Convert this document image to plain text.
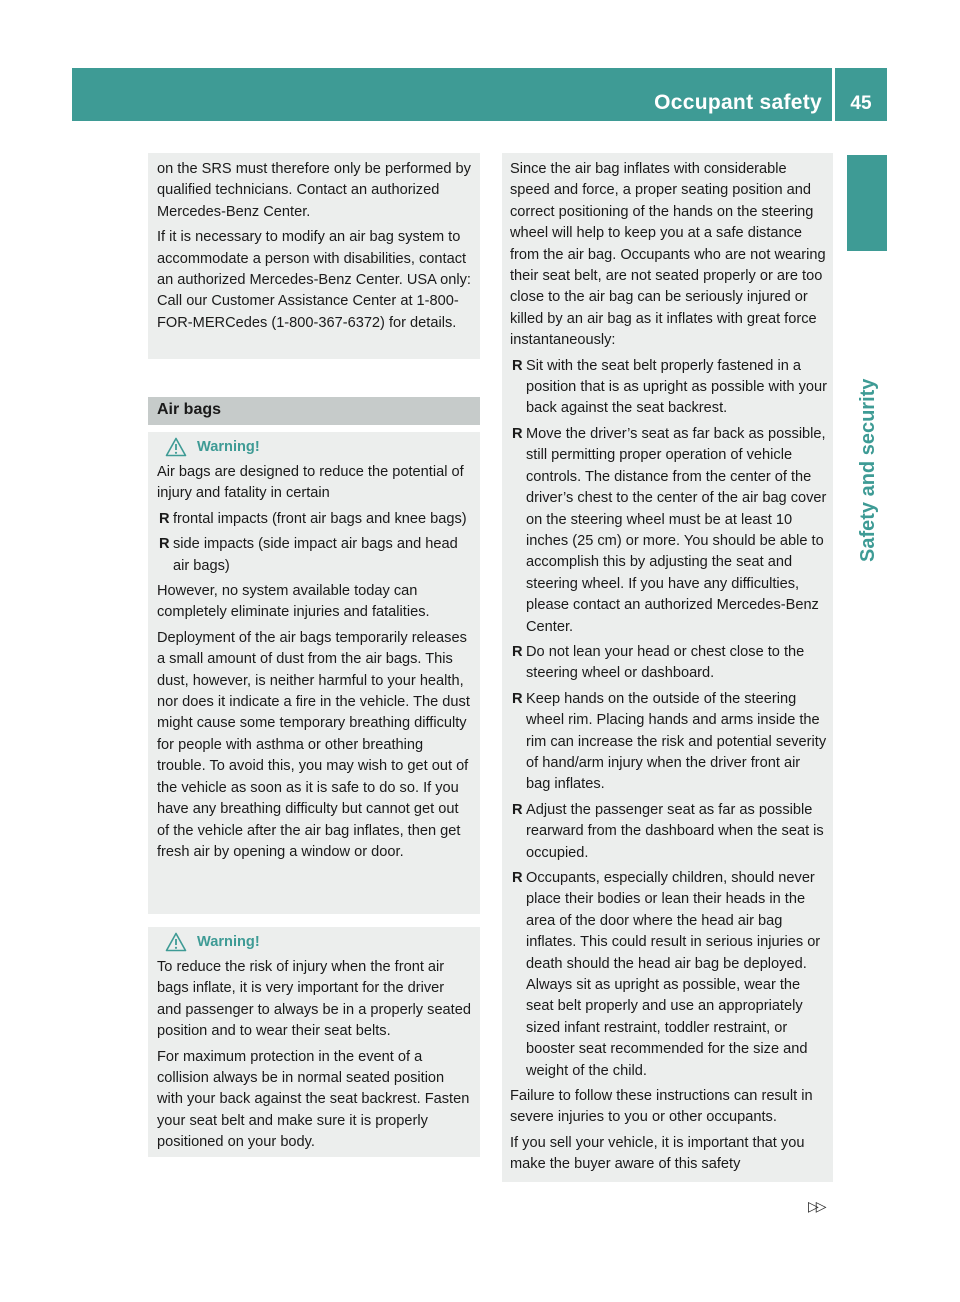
Occupant safety	45
Safety and security

on the SRS must therefore only be performed by qualified technicians. Contact an authorized Mercedes-Benz Center.

If it is necessary to modify an air bag system to accommodate a person with disabilities, contact an authorized Mercedes-Benz Center. USA only: Call our Customer Assistance Center at 1-800-FOR-MERCedes (1-800-367-6372) for details.

Air bags
Warning!

Air bags are designed to reduce the potential of injury and fatality in certain

R frontal impacts (front air bags and knee bags)
R side impacts (side impact air bags and head air bags)

However, no system available today can completely eliminate injuries and fatalities.

Deployment of the air bags temporarily releases a small amount of dust from the air bags. This dust, however, is neither harmful to your health, nor does it indicate a fire in the vehicle. The dust might cause some temporary breathing difficulty for people with asthma or other breathing trouble. To avoid this, you may wish to get out of the vehicle as soon as it is safe to do so. If you have any breathing difficulty but cannot get out of the vehicle after the air bag inflates, then get fresh air by opening a window or door.

Warning!

To reduce the risk of injury when the front air bags inflate, it is very important for the driver and passenger to always be in a properly seated position and to wear their seat belts.

For maximum protection in the event of a collision always be in normal seated position with your back against the seat backrest. Fasten your seat belt and make sure it is properly positioned on your body.

Since the air bag inflates with considerable speed and force, a proper seating position and correct positioning of the hands on the steering wheel will help to keep you at a safe distance from the air bag. Occupants who are not wearing their seat belt, are not seated properly or are too close to the air bag can be seriously injured or killed by an air bag as it inflates with great force instantaneously:

R Sit with the seat belt properly fastened in a position that is as upright as possible with your back against the seat backrest.
R Move the driver’s seat as far back as possible, still permitting proper operation of vehicle controls. The distance from the center of the driver’s chest to the center of the air bag cover on the steering wheel must be at least 10 inches (25 cm) or more. You should be able to accomplish this by adjusting the seat and steering wheel. If you have any difficulties, please contact an authorized Mercedes-Benz Center.
R Do not lean your head or chest close to the steering wheel or dashboard.
R Keep hands on the outside of the steering wheel rim. Placing hands and arms inside the rim can increase the risk and potential severity of hand/arm injury when the driver front air bag inflates.
R Adjust the passenger seat as far as possible rearward from the dashboard when the seat is occupied.
R Occupants, especially children, should never place their bodies or lean their heads in the area of the door where the head air bag inflates. This could result in serious injuries or death should the head air bag be deployed. Always sit as upright as possible, wear the seat belt properly and use an appropriately sized infant restraint, toddler restraint, or booster seat recommended for the size and weight of the child.

Failure to follow these instructions can result in severe injuries to you or other occupants.

If you sell your vehicle, it is important that you make the buyer aware of this safety

▷▷
